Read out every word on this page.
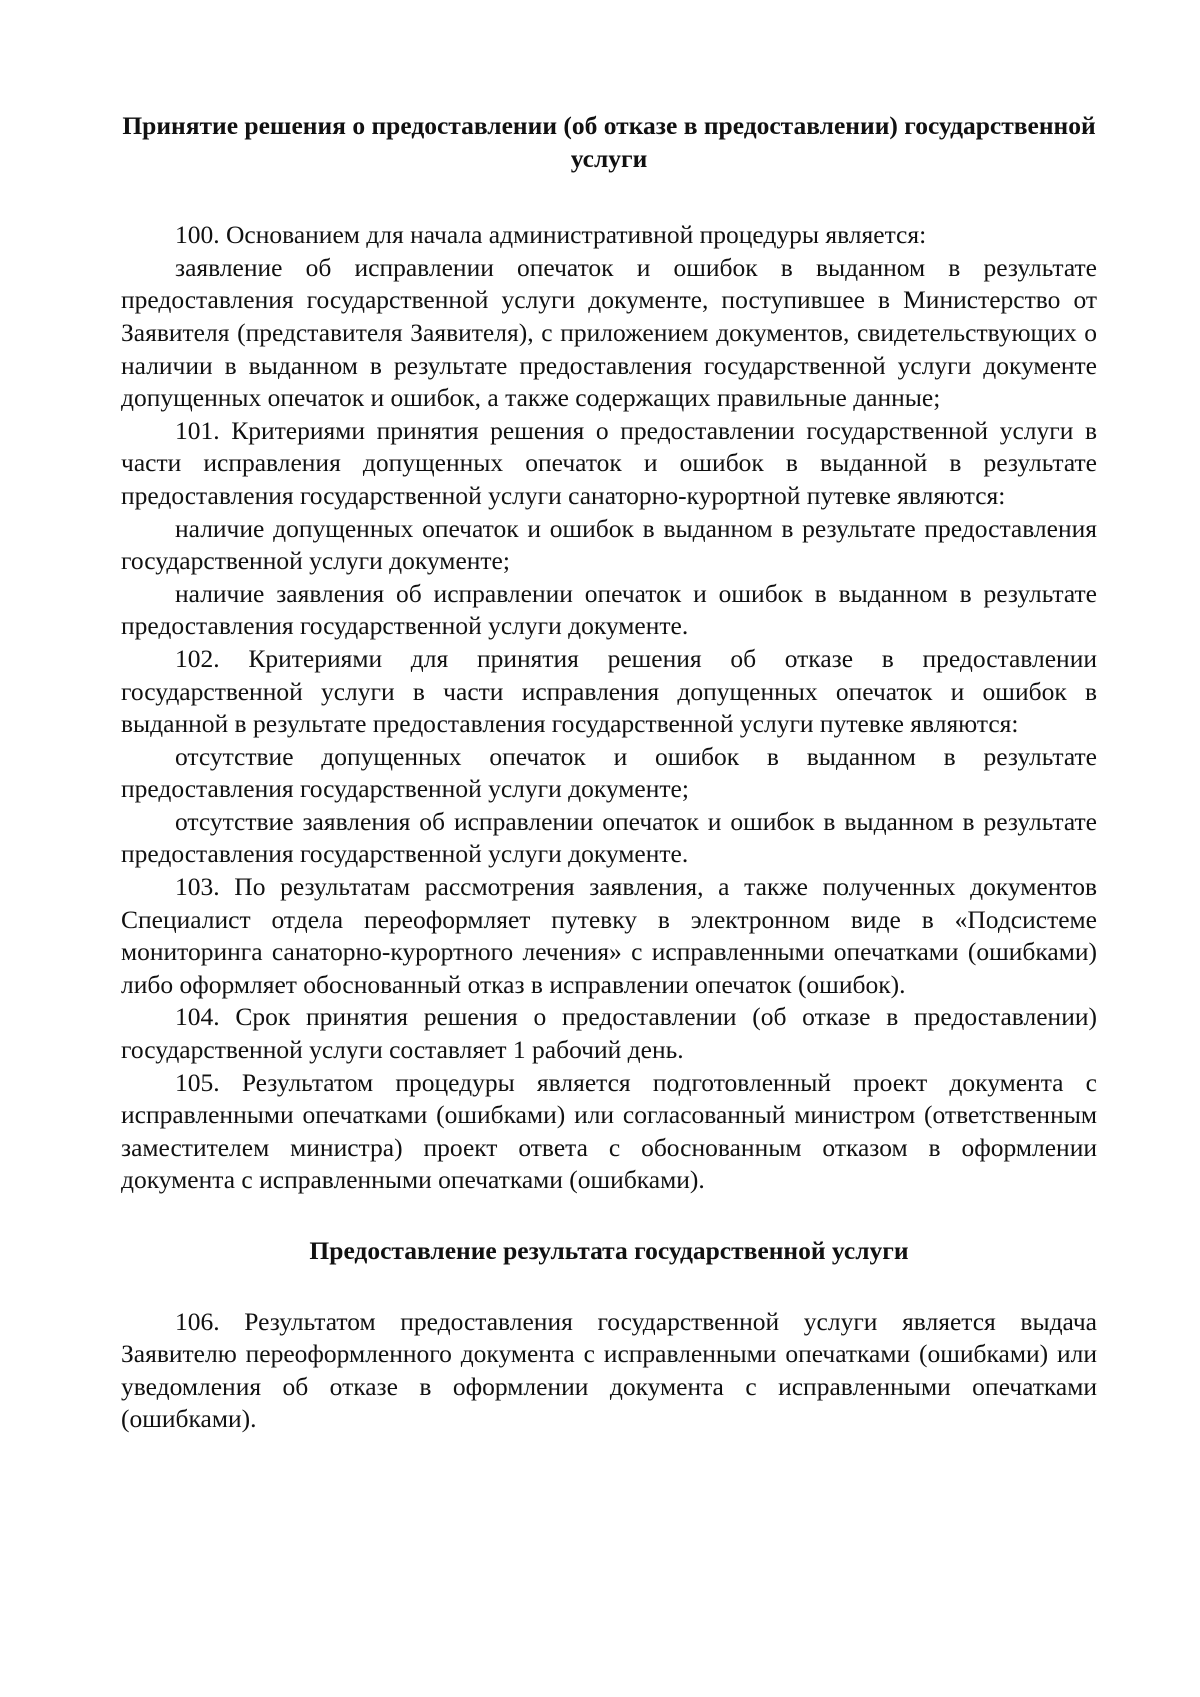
Принятие решения о предоставлении (об отказе в предоставлении) государственной услуги

100. Основанием для начала административной процедуры является:

заявление об исправлении опечаток и ошибок в выданном в результате предоставления государственной услуги документе, поступившее в Министерство от Заявителя (представителя Заявителя), с приложением документов, свидетельствующих о наличии в выданном в результате предоставления государственной услуги документе допущенных опечаток и ошибок, а также содержащих правильные данные;

101. Критериями принятия решения о предоставлении государственной услуги в части исправления допущенных опечаток и ошибок в выданной в результате предоставления государственной услуги санаторно-курортной путевке являются:

наличие допущенных опечаток и ошибок в выданном в результате предоставления государственной услуги документе;

наличие заявления об исправлении опечаток и ошибок в выданном в результате предоставления государственной услуги документе.

102. Критериями для принятия решения об отказе в предоставлении государственной услуги в части исправления допущенных опечаток и ошибок в выданной в результате предоставления государственной услуги путевке являются:

отсутствие допущенных опечаток и ошибок в выданном в результате предоставления государственной услуги документе;

отсутствие заявления об исправлении опечаток и ошибок в выданном в результате предоставления государственной услуги документе.

103. По результатам рассмотрения заявления, а также полученных документов Специалист отдела переоформляет путевку в электронном виде в «Подсистеме мониторинга санаторно-курортного лечения» с исправленными опечатками (ошибками) либо оформляет обоснованный отказ в исправлении опечаток (ошибок).

104. Срок принятия решения о предоставлении (об отказе в предоставлении) государственной услуги составляет 1 рабочий день.

105. Результатом процедуры является подготовленный проект документа с исправленными опечатками (ошибками) или согласованный министром (ответственным заместителем министра) проект ответа с обоснованным отказом в оформлении документа с исправленными опечатками (ошибками).

Предоставление результата государственной услуги

106. Результатом предоставления государственной услуги является выдача Заявителю переоформленного документа с исправленными опечатками (ошибками) или уведомления об отказе в оформлении документа с исправленными опечатками (ошибками).
